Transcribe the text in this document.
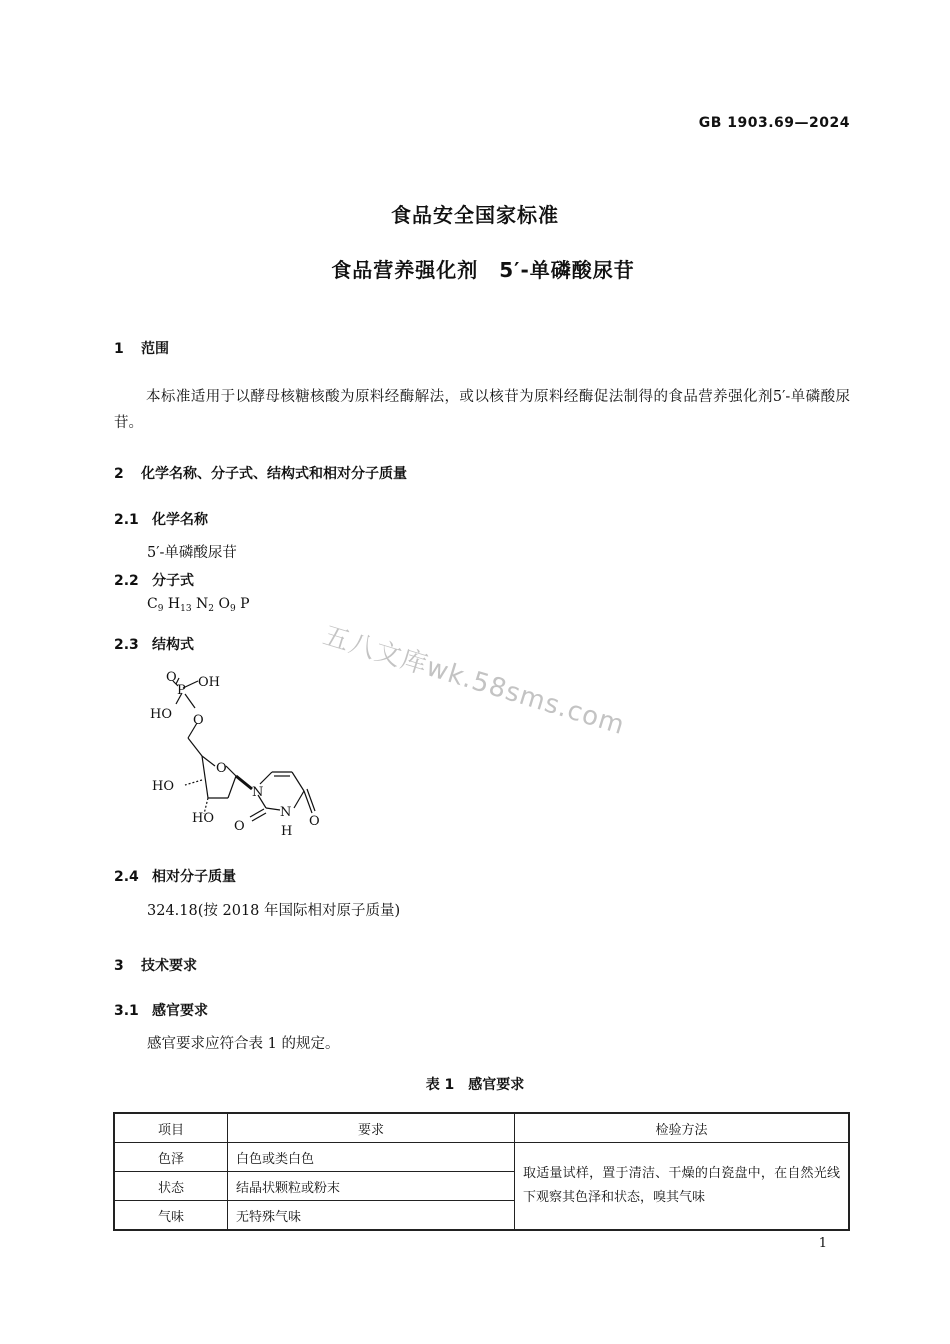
GB 1903.69—2024
食品安全国家标准
食品营养强化剂　5′-单磷酸尿苷
1 范围
本标准适用于以酵母核糖核酸为原料经酶解法，或以核苷为原料经酶促法制得的食品营养强化剂5′-单磷酸尿苷。
2 化学名称、分子式、结构式和相对分子质量
2.1 化学名称
5′-单磷酸尿苷
2.2 分子式
$C_9$ $H_{13}$ $N_2$ $O_9$ P
2.3 结构式
OH
P
O
HO O
O
HO
HO
N
O
N
H
O
五八文库wk.58sms.com
2.4 相对分子质量
324.18(按 2018 年国际相对原子质量)
3 技术要求
3.1 感官要求
感官要求应符合表 1 的规定。
表 1　感官要求
项目	要求	检验方法
色泽	白色或类白色	取适量试样，置于清洁、干燥的白瓷盘中，在自然光线下观察其色泽和状态，嗅其气味
状态	结晶状颗粒或粉末	
气味	无特殊气味	
1
